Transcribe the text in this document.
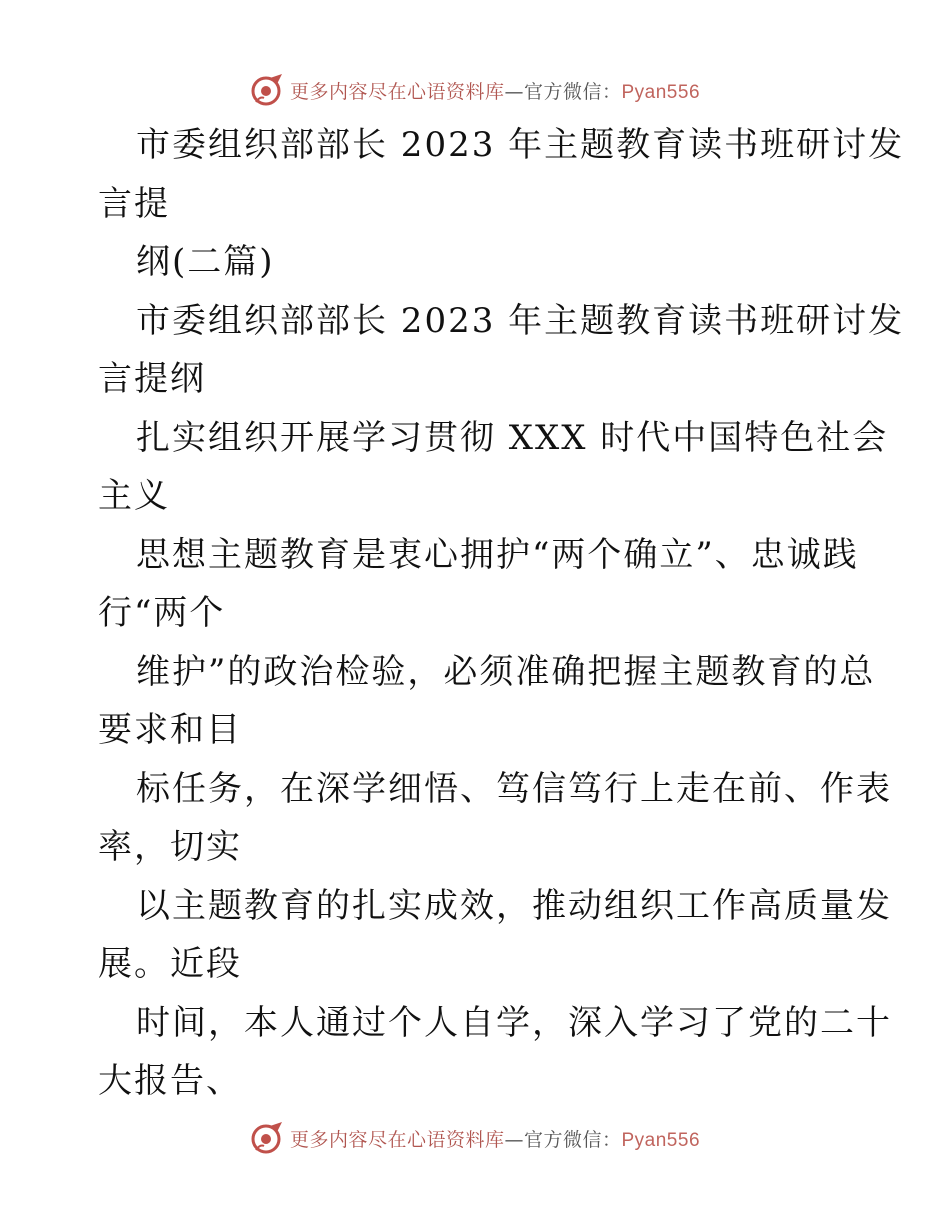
更多内容尽在心语资料库—官方微信：Pyan556
市委组织部部长 2023 年主题教育读书班研讨发
言提
纲(二篇)
市委组织部部长 2023 年主题教育读书班研讨发
言提纲
扎实组织开展学习贯彻 XXX 时代中国特色社会
主义
思想主题教育是衷心拥护“两个确立”、忠诚践
行“两个
维护”的政治检验，必须准确把握主题教育的总
要求和目
标任务，在深学细悟、笃信笃行上走在前、作表
率，切实
以主题教育的扎实成效，推动组织工作高质量发
展。近段
时间，本人通过个人自学，深入学习了党的二十
大报告、
更多内容尽在心语资料库—官方微信：Pyan556
